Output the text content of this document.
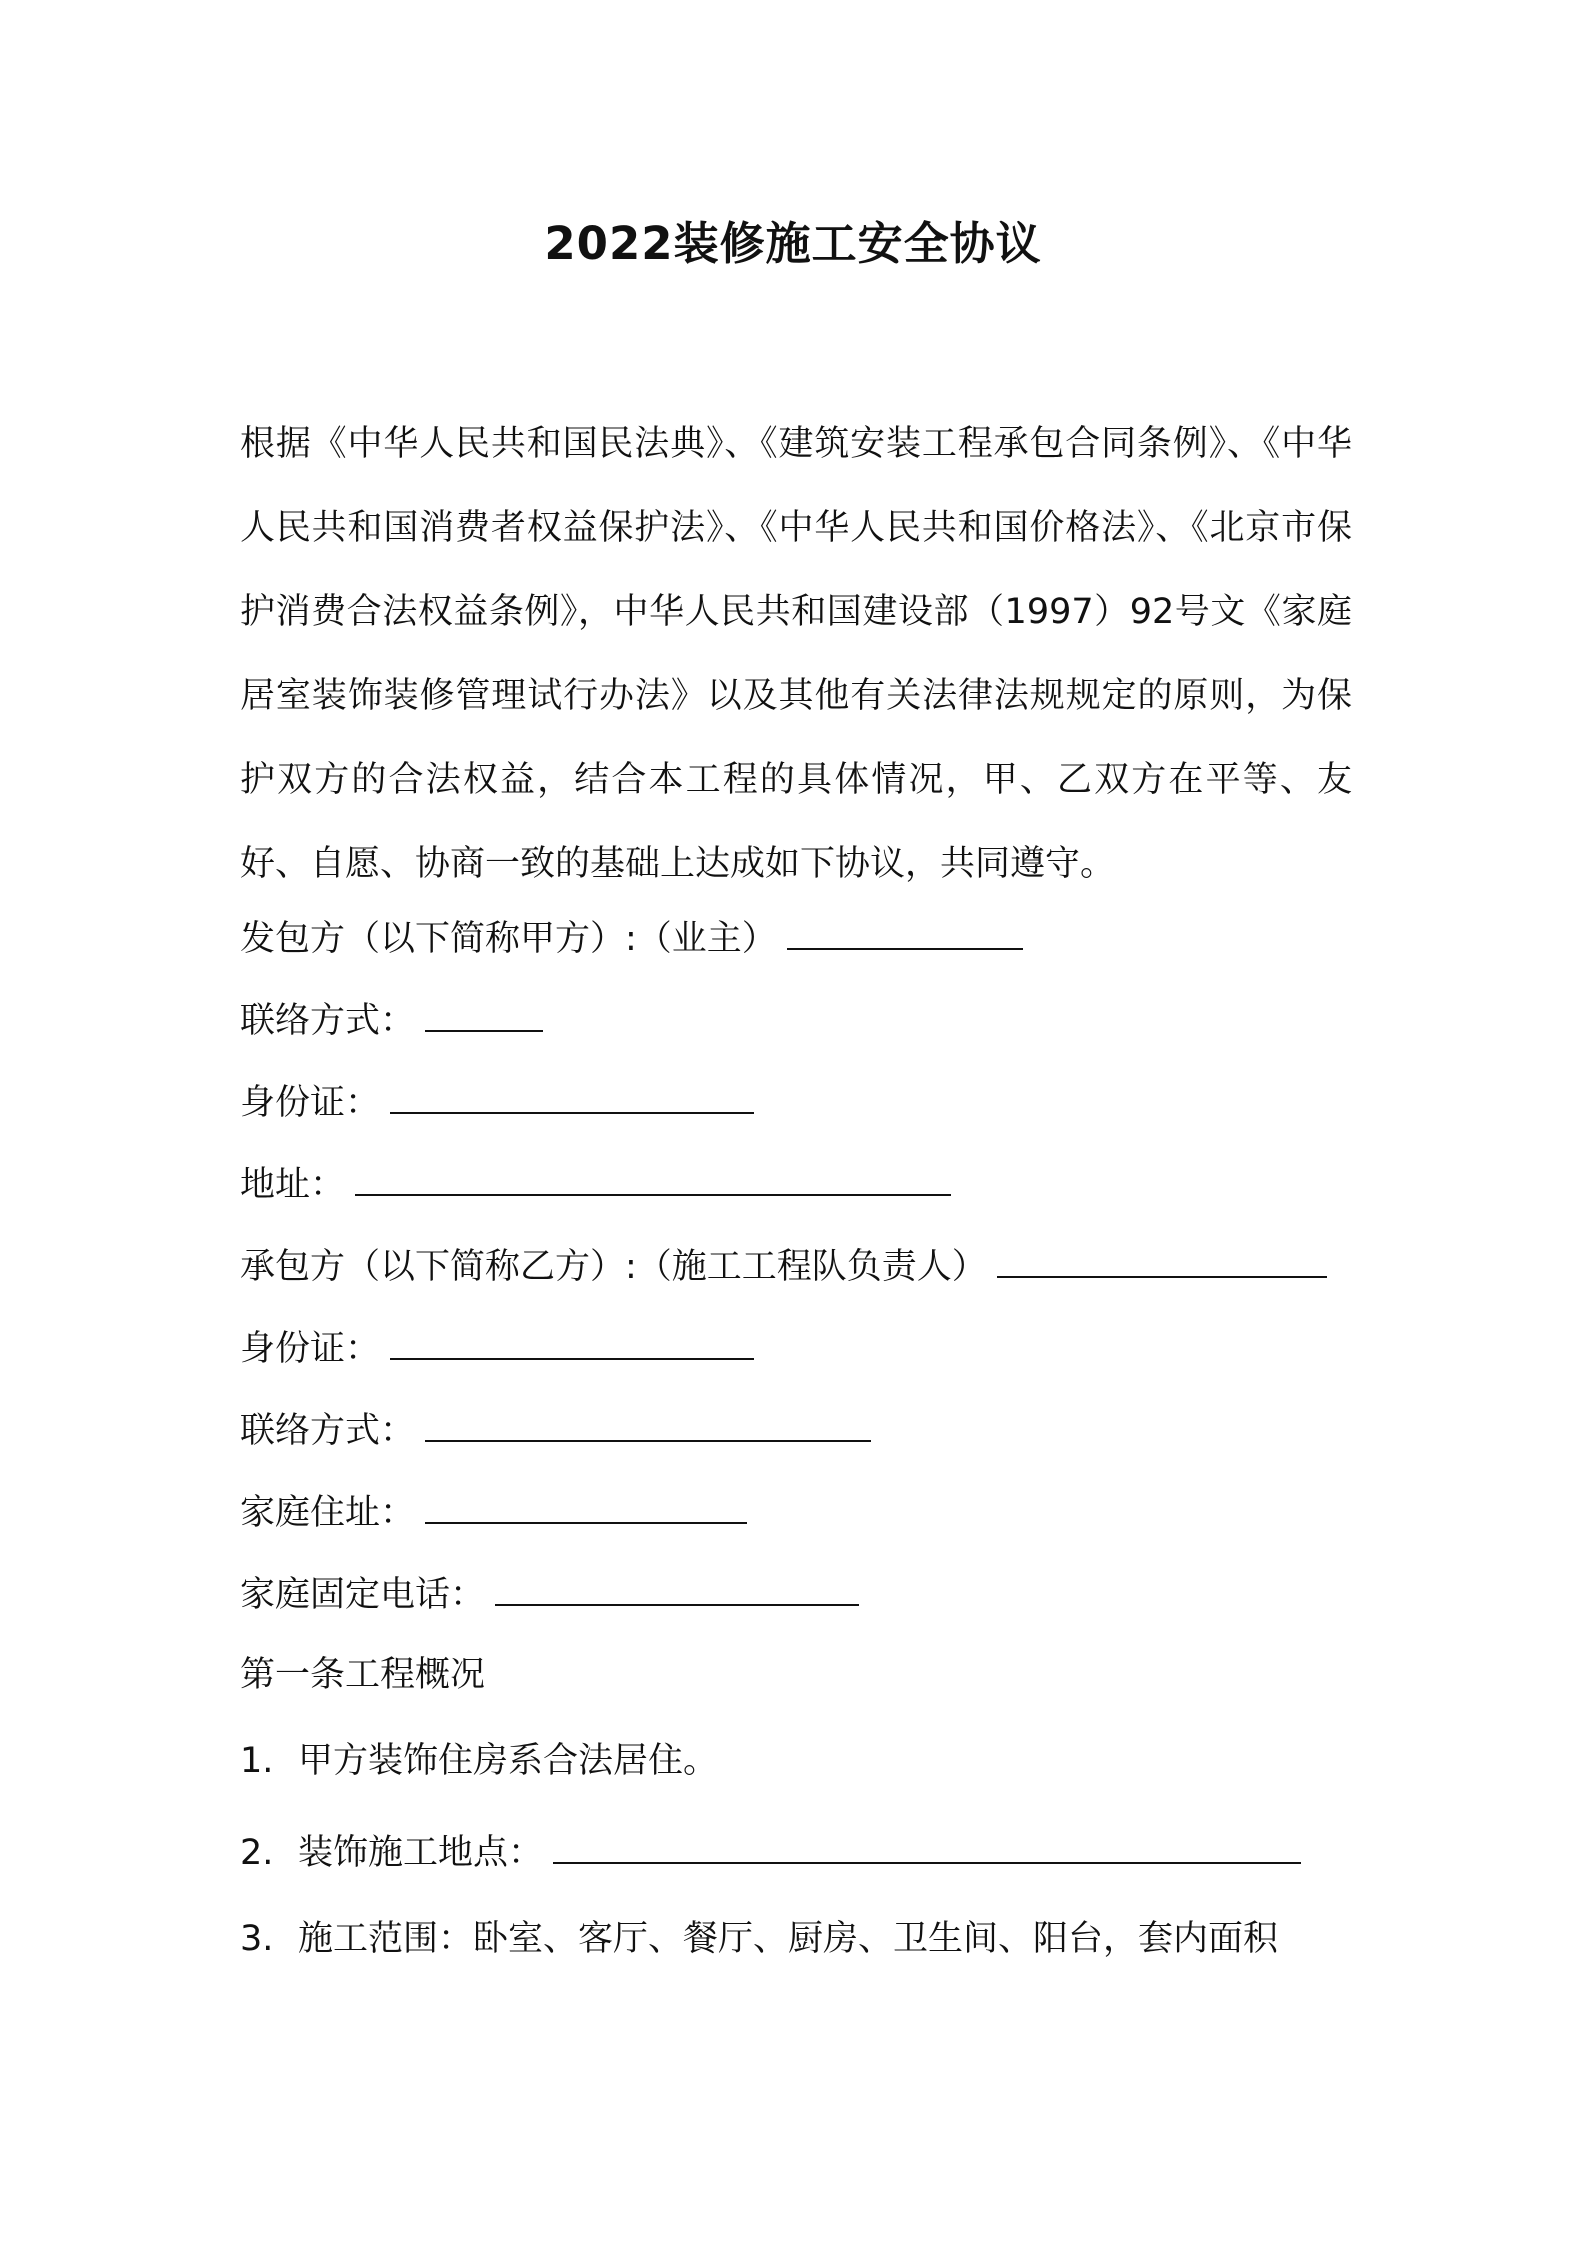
2022装修施工安全协议

根据《中华人民共和国民法典》、《建筑安装工程承包合同条例》、《中华人民共和国消费者权益保护法》、《中华人民共和国价格法》、《北京市保护消费合法权益条例》，中华人民共和国建设部（1997）92号文《家庭居室装饰装修管理试行办法》以及其他有关法律法规规定的原则，为保护双方的合法权益，结合本工程的具体情况，甲、乙双方在平等、友好、自愿、协商一致的基础上达成如下协议，共同遵守。

发包方（以下简称甲方）:（业主）
联络方式：
身份证：
地址：
承包方（以下简称乙方）:（施工工程队负责人）
身份证：
联络方式：
家庭住址：
家庭固定电话：
第一条工程概况
1. 甲方装饰住房系合法居住。
2. 装饰施工地点：
3. 施工范围：卧室、客厅、餐厅、厨房、卫生间、阳台，套内面积
